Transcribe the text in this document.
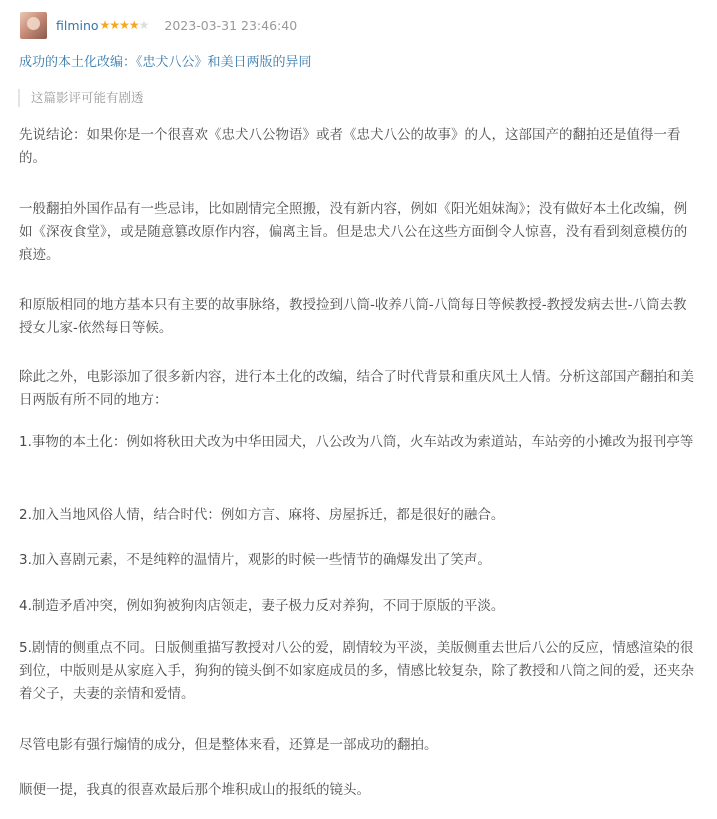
filmino ★★★★★ 2023-03-31 23:46:40
成功的本土化改编：《忠犬八公》和美日两版的异同
这篇影评可能有剧透

先说结论：如果你是一个很喜欢《忠犬八公物语》或者《忠犬八公的故事》的人，这部国产的翻拍还是值得一看的。

一般翻拍外国作品有一些忌讳，比如剧情完全照搬，没有新内容，例如《阳光姐妹淘》；没有做好本土化改编，例如《深夜食堂》，或是随意篡改原作内容，偏离主旨。但是忠犬八公在这些方面倒令人惊喜，没有看到刻意模仿的痕迹。

和原版相同的地方基本只有主要的故事脉络，教授捡到八筒-收养八筒-八筒每日等候教授-教授发病去世-八筒去教授女儿家-依然每日等候。

除此之外，电影添加了很多新内容，进行本土化的改编，结合了时代背景和重庆风土人情。分析这部国产翻拍和美日两版有所不同的地方：

1.事物的本土化：例如将秋田犬改为中华田园犬，八公改为八筒，火车站改为索道站，车站旁的小摊改为报刊亭等

2.加入当地风俗人情，结合时代：例如方言、麻将、房屋拆迁，都是很好的融合。

3.加入喜剧元素，不是纯粹的温情片，观影的时候一些情节的确爆发出了笑声。

4.制造矛盾冲突，例如狗被狗肉店领走，妻子极力反对养狗，不同于原版的平淡。

5.剧情的侧重点不同。日版侧重描写教授对八公的爱，剧情较为平淡，美版侧重去世后八公的反应，情感渲染的很到位，中版则是从家庭入手，狗狗的镜头倒不如家庭成员的多，情感比较复杂，除了教授和八筒之间的爱，还夹杂着父子，夫妻的亲情和爱情。

尽管电影有强行煽情的成分，但是整体来看，还算是一部成功的翻拍。

顺便一提，我真的很喜欢最后那个堆积成山的报纸的镜头。
